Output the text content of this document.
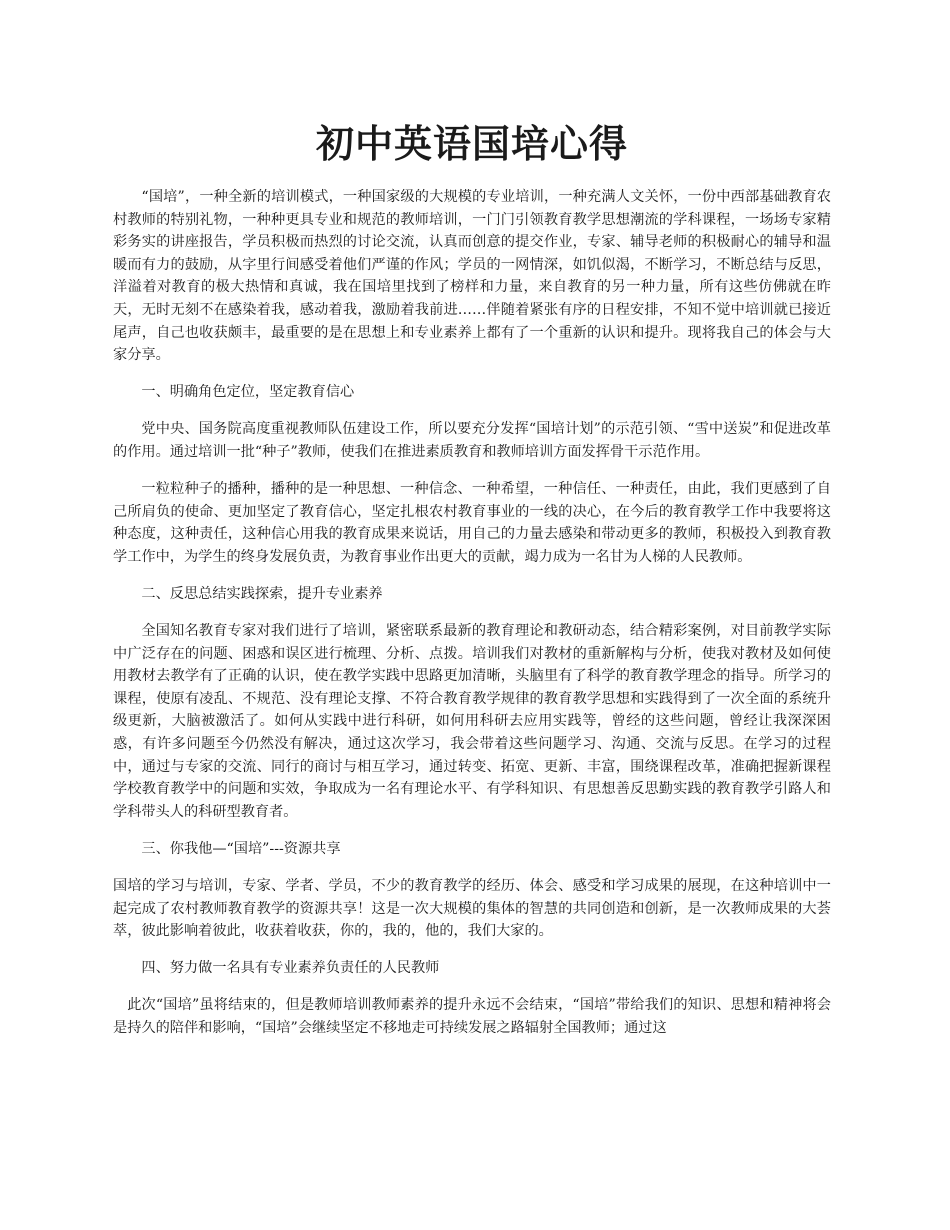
初中英语国培心得

“国培”，一种全新的培训模式，一种国家级的大规模的专业培训，一种充满人文关怀，一份中西部基础教育农村教师的特别礼物，一种种更具专业和规范的教师培训，一门门引领教育教学思想潮流的学科课程，一场场专家精彩务实的讲座报告，学员积极而热烈的讨论交流，认真而创意的提交作业，专家、辅导老师的积极耐心的辅导和温暖而有力的鼓励，从字里行间感受着他们严谨的作风；学员的一网情深，如饥似渴，不断学习，不断总结与反思，洋溢着对教育的极大热情和真诚，我在国培里找到了榜样和力量，来自教育的另一种力量，所有这些仿佛就在昨天，无时无刻不在感染着我，感动着我，激励着我前进……伴随着紧张有序的日程安排，不知不觉中培训就已接近尾声，自己也收获颇丰，最重要的是在思想上和专业素养上都有了一个重新的认识和提升。现将我自己的体会与大家分享。

一、明确角色定位，坚定教育信心

党中央、国务院高度重视教师队伍建设工作，所以要充分发挥“国培计划”的示范引领、“雪中送炭”和促进改革的作用。通过培训一批“种子”教师，使我们在推进素质教育和教师培训方面发挥骨干示范作用。

一粒粒种子的播种，播种的是一种思想、一种信念、一种希望，一种信任、一种责任，由此，我们更感到了自己所肩负的使命、更加坚定了教育信心，坚定扎根农村教育事业的一线的决心，在今后的教育教学工作中我要将这种态度，这种责任，这种信心用我的教育成果来说话，用自己的力量去感染和带动更多的教师，积极投入到教育教学工作中，为学生的终身发展负责，为教育事业作出更大的贡献，竭力成为一名甘为人梯的人民教师。

二、反思总结实践探索，提升专业素养

全国知名教育专家对我们进行了培训，紧密联系最新的教育理论和教研动态，结合精彩案例，对目前教学实际中广泛存在的问题、困惑和误区进行梳理、分析、点拨。培训我们对教材的重新解构与分析，使我对教材及如何使用教材去教学有了正确的认识，使在教学实践中思路更加清晰，头脑里有了科学的教育教学理念的指导。所学习的课程，使原有凌乱、不规范、没有理论支撑、不符合教育教学规律的教育教学思想和实践得到了一次全面的系统升级更新，大脑被激活了。如何从实践中进行科研，如何用科研去应用实践等，曾经的这些问题，曾经让我深深困惑，有许多问题至今仍然没有解决，通过这次学习，我会带着这些问题学习、沟通、交流与反思。在学习的过程中，通过与专家的交流、同行的商讨与相互学习，通过转变、拓宽、更新、丰富，围绕课程改革，准确把握新课程学校教育教学中的问题和实效，争取成为一名有理论水平、有学科知识、有思想善反思勤实践的教育教学引路人和学科带头人的科研型教育者。

三、你我他—“国培”---资源共享

国培的学习与培训，专家、学者、学员，不少的教育教学的经历、体会、感受和学习成果的展现，在这种培训中一起完成了农村教师教育教学的资源共享！这是一次大规模的集体的智慧的共同创造和创新，是一次教师成果的大荟萃，彼此影响着彼此，收获着收获，你的，我的，他的，我们大家的。

四、努力做一名具有专业素养负责任的人民教师

此次“国培”虽将结束的，但是教师培训教师素养的提升永远不会结束，“国培”带给我们的知识、思想和精神将会是持久的陪伴和影响，“国培”会继续坚定不移地走可持续发展之路辐射全国教师；通过这
